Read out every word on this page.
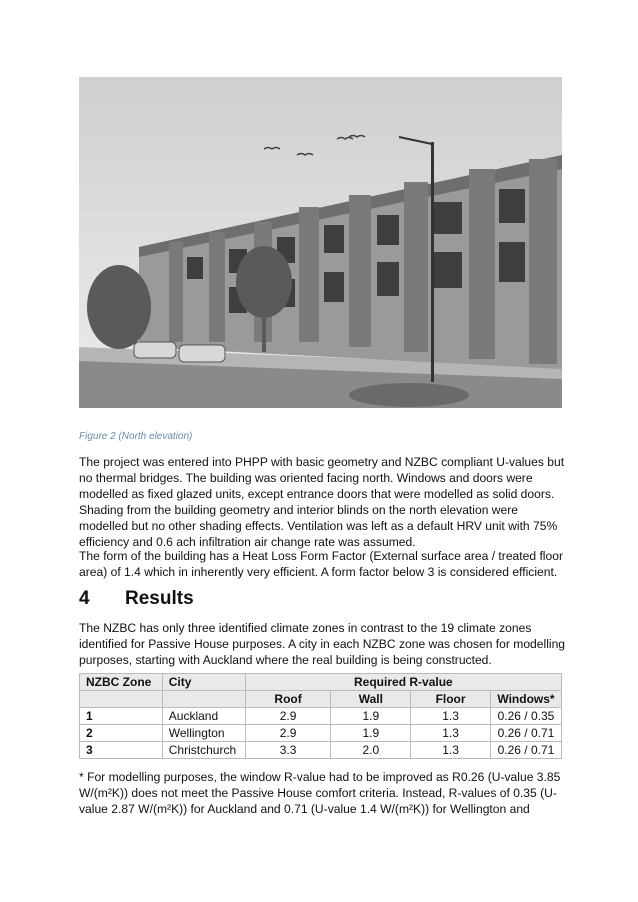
Figure 2 (North elevation)

The project was entered into PHPP with basic geometry and NZBC compliant U-values but no thermal bridges. The building was oriented facing north. Windows and doors were modelled as fixed glazed units, except entrance doors that were modelled as solid doors. Shading from the building geometry and interior blinds on the north elevation were modelled but no other shading effects. Ventilation was left as a default HRV unit with 75% efficiency and 0.6 ach infiltration air change rate was assumed.

The form of the building has a Heat Loss Form Factor (External surface area / treated floor area) of 1.4 which in inherently very efficient. A form factor below 3 is considered efficient.

4 Results

The NZBC has only three identified climate zones in contrast to the 19 climate zones identified for Passive House purposes. A city in each NZBC zone was chosen for modelling purposes, starting with Auckland where the real building is being constructed.

NZBC Zone	City	Required R-value			
		Roof	Wall	Floor	Windows*
1	Auckland	2.9	1.9	1.3	0.26 / 0.35
2	Wellington	2.9	1.9	1.3	0.26 / 0.71
3	Christchurch	3.3	2.0	1.3	0.26 / 0.71

* For modelling purposes, the window R-value had to be improved as R0.26 (U-value 3.85 W/(m²K)) does not meet the Passive House comfort criteria. Instead, R-values of 0.35 (U-value 2.87 W/(m²K)) for Auckland and 0.71 (U-value 1.4 W/(m²K)) for Wellington and
